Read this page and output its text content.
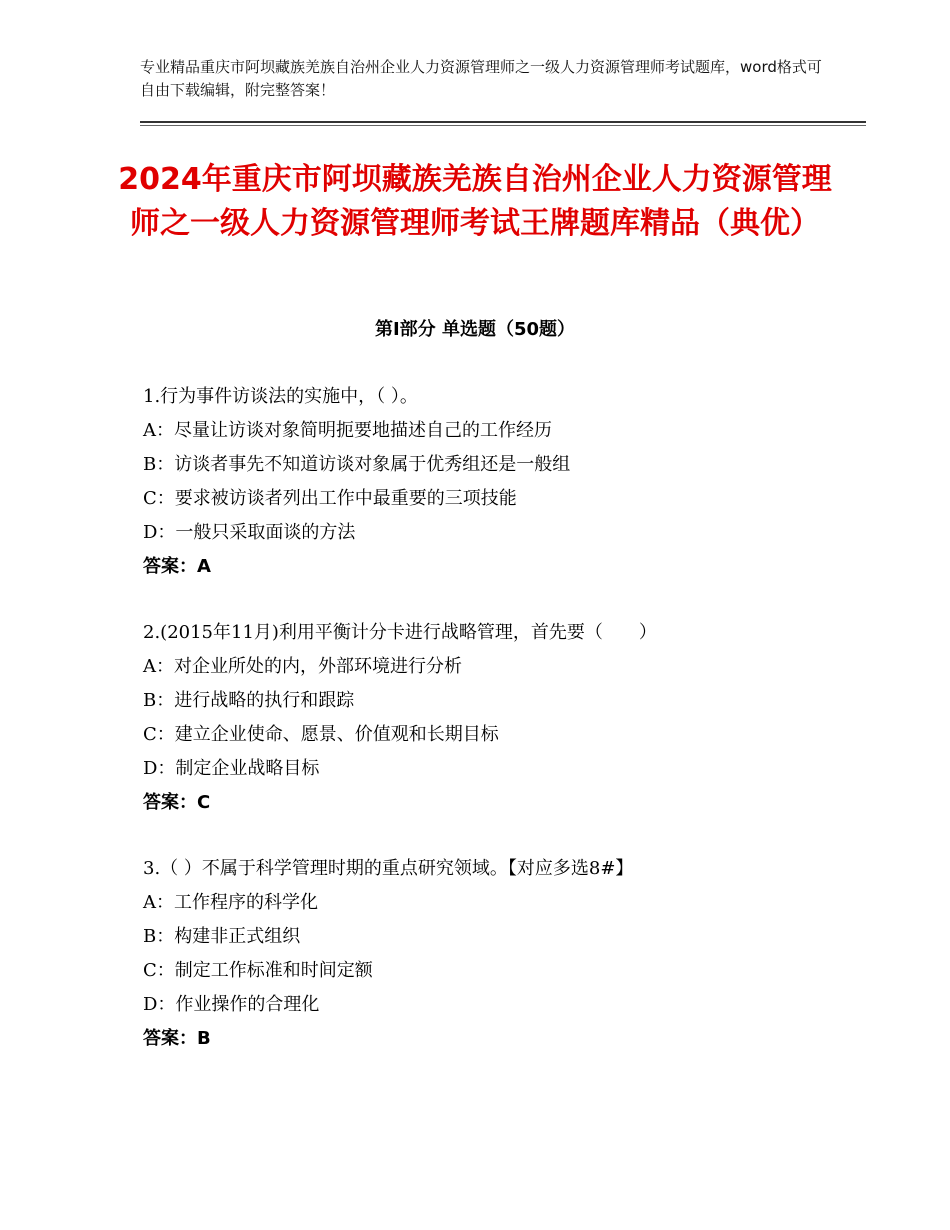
专业精品重庆市阿坝藏族羌族自治州企业人力资源管理师之一级人力资源管理师考试题库，word格式可自由下载编辑，附完整答案！
2024年重庆市阿坝藏族羌族自治州企业人力资源管理师之一级人力资源管理师考试王牌题库精品（典优）
第Ⅰ部分 单选题（50题）
1.行为事件访谈法的实施中，（ ）。
A：尽量让访谈对象简明扼要地描述自己的工作经历
B：访谈者事先不知道访谈对象属于优秀组还是一般组
C：要求被访谈者列出工作中最重要的三项技能
D：一般只采取面谈的方法
答案：A
2.(2015年11月)利用平衡计分卡进行战略管理，首先要（　　）
A：对企业所处的内，外部环境进行分析
B：进行战略的执行和跟踪
C：建立企业使命、愿景、价值观和长期目标
D：制定企业战略目标
答案：C
3.（ ）不属于科学管理时期的重点研究领域。【对应多选8#】
A：工作程序的科学化
B：构建非正式组织
C：制定工作标准和时间定额
D：作业操作的合理化
答案：B
